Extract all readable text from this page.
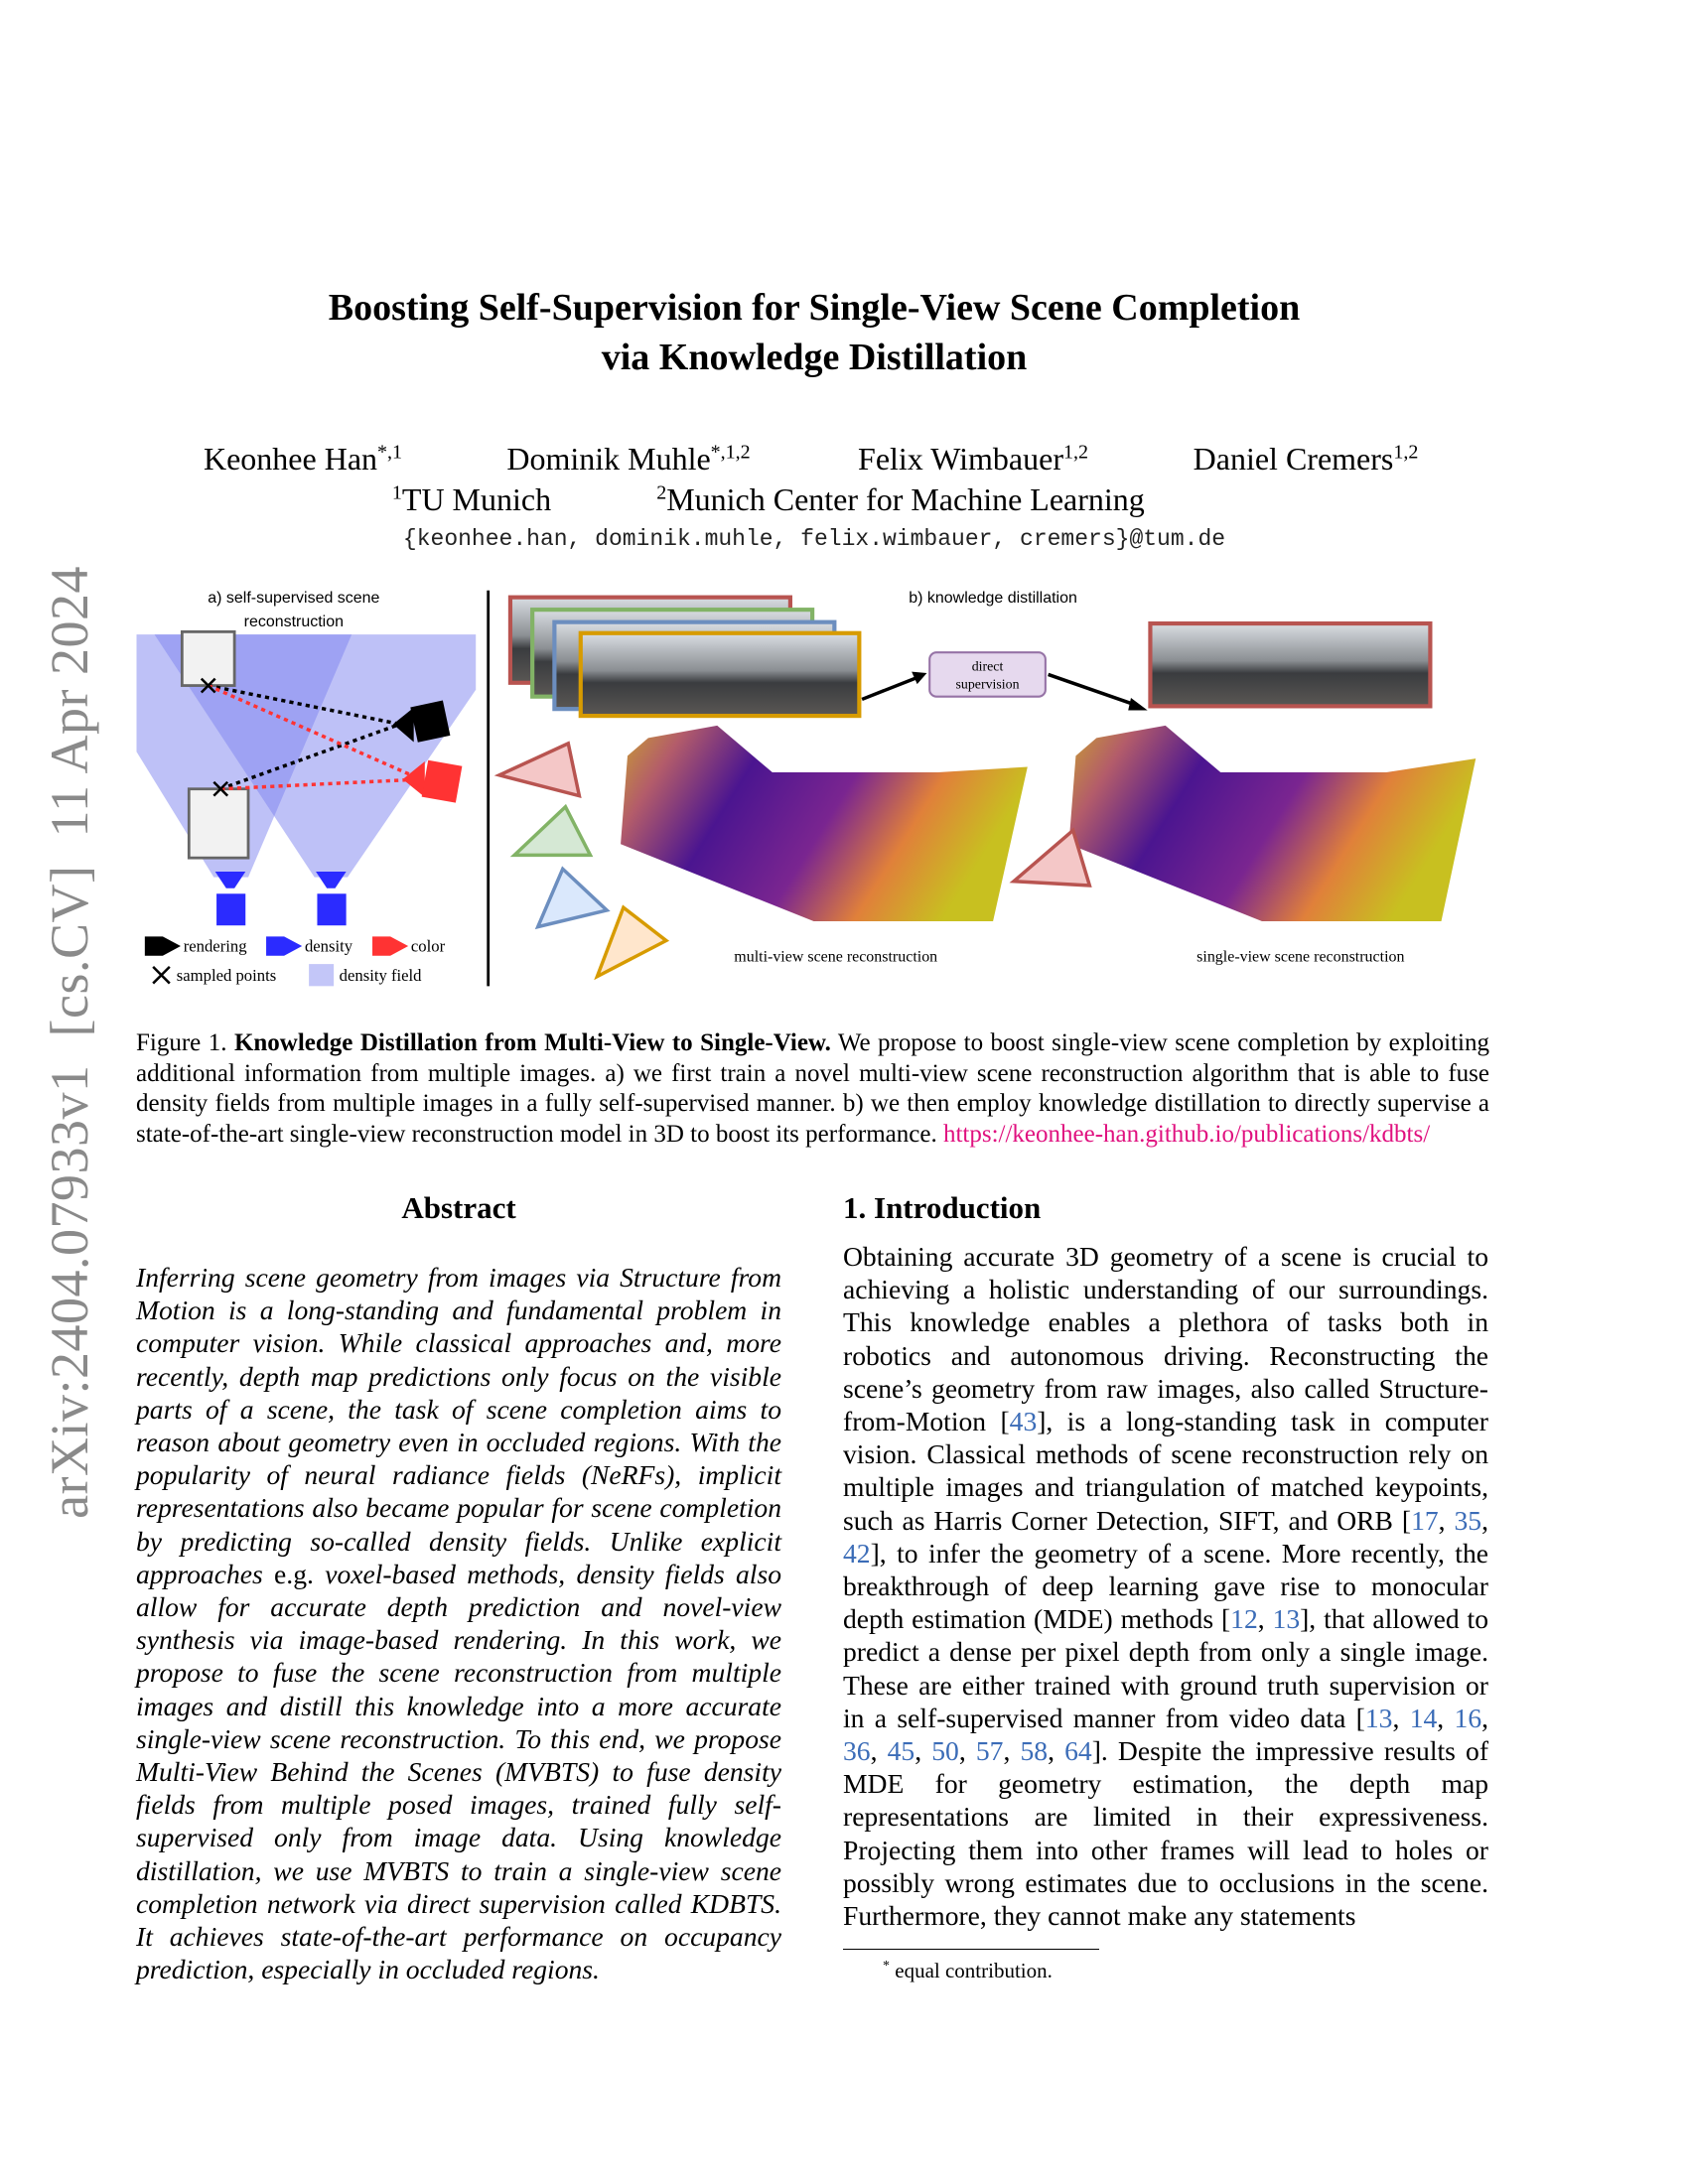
arXiv:2404.07933v1  [cs.CV]  11 Apr 2024
Boosting Self-Supervision for Single-View Scene Completion
via Knowledge Distillation
Keonhee Han$^{*,1}$	Dominik Muhle$^{*,1,2}$	Felix Wimbauer$^{1,2}$	Daniel Cremers$^{1,2}$
$^1$TU Munich	$^2$Munich Center for Machine Learning
{keonhee.han, dominik.muhle, felix.wimbauer, cremers}@tum.de
a) self-supervised scene
reconstruction
rendering	density	color
sampled points	density field
b) knowledge distillation
direct
supervision
multi-view scene reconstruction	single-view scene reconstruction
Figure 1. Knowledge Distillation from Multi-View to Single-View. We propose to boost single-view scene completion by exploiting additional information from multiple images. a) we first train a novel multi-view scene reconstruction algorithm that is able to fuse density fields from multiple images in a fully self-supervised manner. b) we then employ knowledge distillation to directly supervise a state-of-the-art single-view reconstruction model in 3D to boost its performance. https://keonhee-han.github.io/publications/kdbts/
Abstract
Inferring scene geometry from images via Structure from Motion is a long-standing and fundamental problem in computer vision. While classical approaches and, more recently, depth map predictions only focus on the visible parts of a scene, the task of scene completion aims to reason about geometry even in occluded regions. With the popularity of neural radiance fields (NeRFs), implicit representations also became popular for scene completion by predicting so-called density fields. Unlike explicit approaches e.g. voxel-based methods, density fields also allow for accurate depth prediction and novel-view synthesis via image-based rendering. In this work, we propose to fuse the scene reconstruction from multiple images and distill this knowledge into a more accurate single-view scene reconstruction. To this end, we propose Multi-View Behind the Scenes (MVBTS) to fuse density fields from multiple posed images, trained fully self-supervised only from image data. Using knowledge distillation, we use MVBTS to train a single-view scene completion network via direct supervision called KDBTS. It achieves state-of-the-art performance on occupancy prediction, especially in occluded regions.
1. Introduction
Obtaining accurate 3D geometry of a scene is crucial to achieving a holistic understanding of our surroundings. This knowledge enables a plethora of tasks both in robotics and autonomous driving. Reconstructing the scene’s geometry from raw images, also called Structure-from-Motion [43], is a long-standing task in computer vision. Classical methods of scene reconstruction rely on multiple images and triangulation of matched keypoints, such as Harris Corner Detection, SIFT, and ORB [17, 35, 42], to infer the geometry of a scene. More recently, the breakthrough of deep learning gave rise to monocular depth estimation (MDE) methods [12, 13], that allowed to predict a dense per pixel depth from only a single image. These are either trained with ground truth supervision or in a self-supervised manner from video data [13, 14, 16, 36, 45, 50, 57, 58, 64]. Despite the impressive results of MDE for geometry estimation, the depth map representations are limited in their expressiveness. Projecting them into other frames will lead to holes or possibly wrong estimates due to occlusions in the scene. Furthermore, they cannot make any statements
* equal contribution.
